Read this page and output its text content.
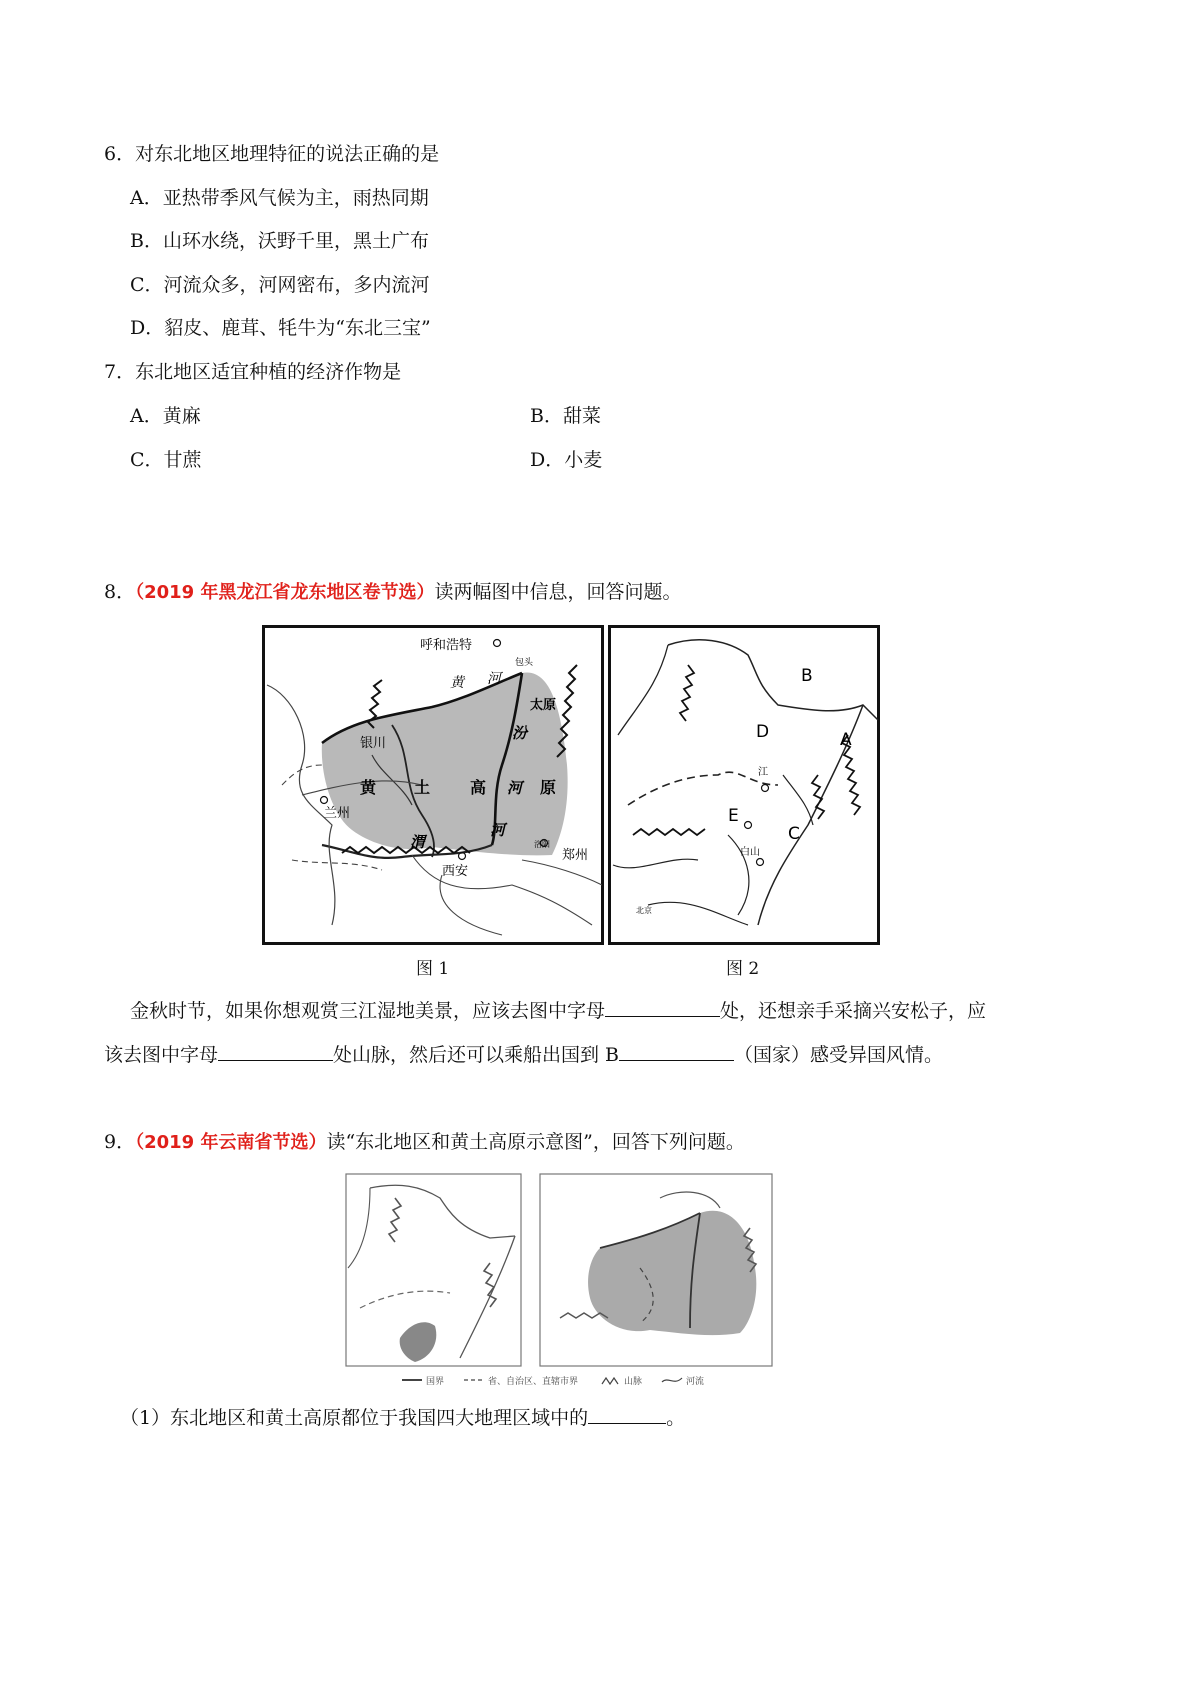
6．对东北地区地理特征的说法正确的是
A．亚热带季风气候为主，雨热同期
B．山环水绕，沃野千里，黑土广布
C．河流众多，河网密布，多内流河
D．貂皮、鹿茸、牦牛为“东北三宝”
7．东北地区适宜种植的经济作物是
A．黄麻	B．甜菜
C．甘蔗	D．小麦
8．（2019 年黑龙江省龙东地区卷节选）读两幅图中信息，回答问题。
呼和浩特
包头
银川
黄 河
太原
汾
河 原
黄 土 高
兰州
渭
河
西安
洛阳
郑州
图 1
B
D	A
E
C
江
白山
北京
图 2
金秋时节，如果你想观赏三江湿地美景，应该去图中字母	处，还想亲手采摘兴安松子，应
该去图中字母	处山脉，然后还可以乘船出国到 B	（国家）感受异国风情。
9．（2019 年云南省节选）读“东北地区和黄土高原示意图”，回答下列问题。
国界	省、自治区、直辖市界	山脉	河流
（1）东北地区和黄土高原都位于我国四大地理区域中的	。
